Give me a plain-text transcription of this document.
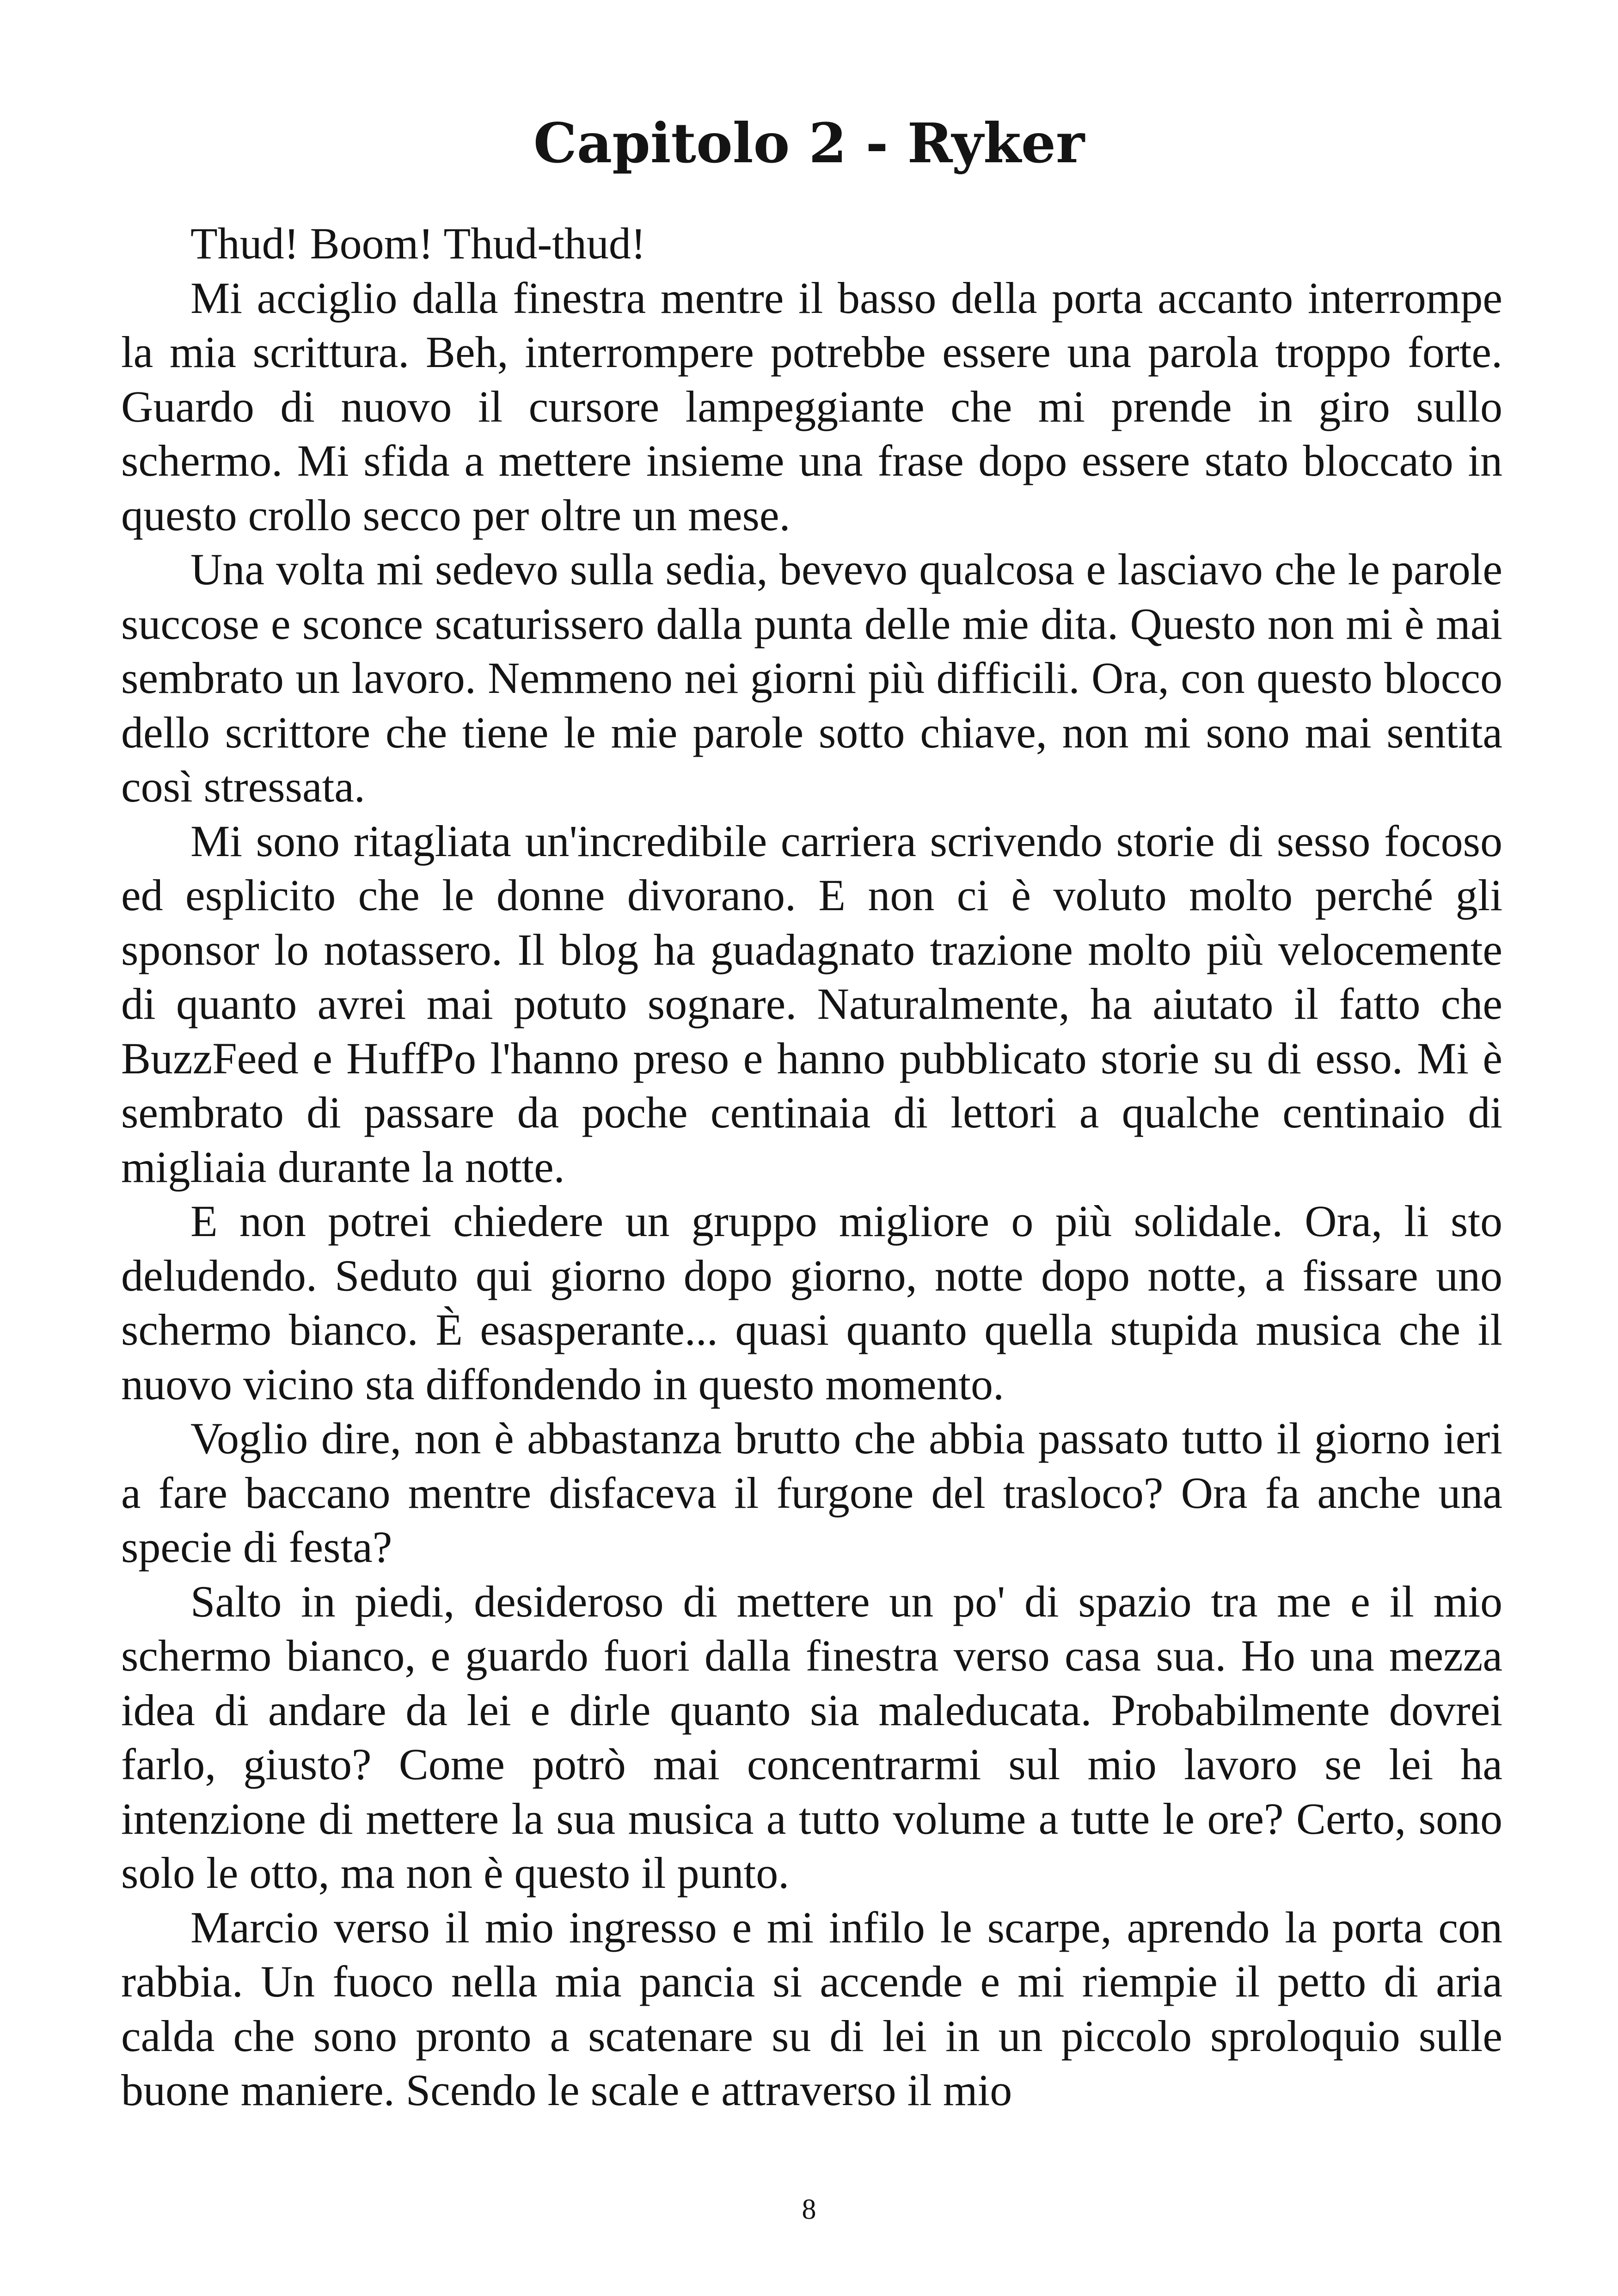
Capitolo 2 - Ryker

Thud! Boom! Thud-thud!

Mi acciglio dalla finestra mentre il basso della porta accanto interrompe la mia scrittura. Beh, interrompere potrebbe essere una parola troppo forte. Guardo di nuovo il cursore lampeggiante che mi prende in giro sullo schermo. Mi sfida a mettere insieme una frase dopo essere stato bloccato in questo crollo secco per oltre un mese.

Una volta mi sedevo sulla sedia, bevevo qualcosa e lasciavo che le parole succose e sconce scaturissero dalla punta delle mie dita. Questo non mi è mai sembrato un lavoro. Nemmeno nei giorni più difficili. Ora, con questo blocco dello scrittore che tiene le mie parole sotto chiave, non mi sono mai sentita così stressata.

Mi sono ritagliata un'incredibile carriera scrivendo storie di sesso focoso ed esplicito che le donne divorano. E non ci è voluto molto perché gli sponsor lo notassero. Il blog ha guadagnato trazione molto più velocemente di quanto avrei mai potuto sognare. Naturalmente, ha aiutato il fatto che BuzzFeed e HuffPo l'hanno preso e hanno pubblicato storie su di esso. Mi è sembrato di passare da poche centinaia di lettori a qualche centinaio di migliaia durante la notte.

E non potrei chiedere un gruppo migliore o più solidale. Ora, li sto deludendo. Seduto qui giorno dopo giorno, notte dopo notte, a fissare uno schermo bianco. È esasperante... quasi quanto quella stupida musica che il nuovo vicino sta diffondendo in questo momento.

Voglio dire, non è abbastanza brutto che abbia passato tutto il giorno ieri a fare baccano mentre disfaceva il furgone del trasloco? Ora fa anche una specie di festa?

Salto in piedi, desideroso di mettere un po' di spazio tra me e il mio schermo bianco, e guardo fuori dalla finestra verso casa sua. Ho una mezza idea di andare da lei e dirle quanto sia maleducata. Probabilmente dovrei farlo, giusto? Come potrò mai concentrarmi sul mio lavoro se lei ha intenzione di mettere la sua musica a tutto volume a tutte le ore? Certo, sono solo le otto, ma non è questo il punto.

Marcio verso il mio ingresso e mi infilo le scarpe, aprendo la porta con rabbia. Un fuoco nella mia pancia si accende e mi riempie il petto di aria calda che sono pronto a scatenare su di lei in un piccolo sproloquio sulle buone maniere. Scendo le scale e attraverso il mio

8
